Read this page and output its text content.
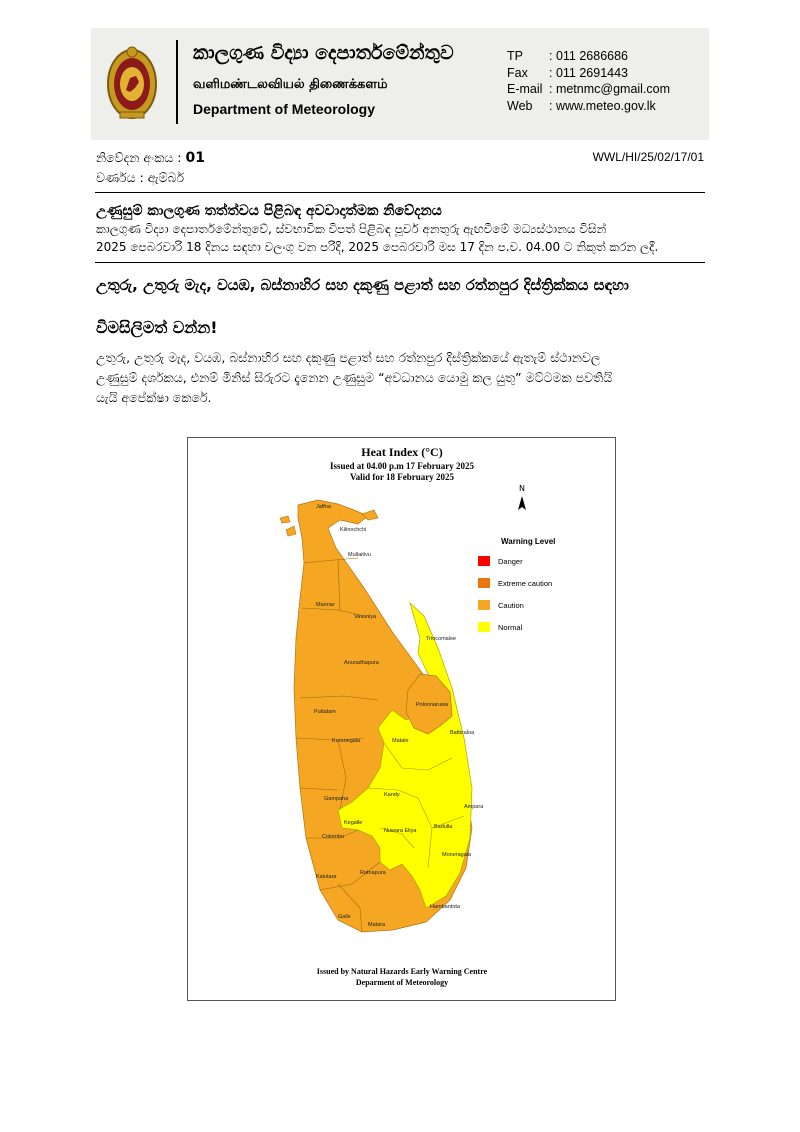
කාලගුණ විද්‍යා දෙපාර්තමේන්තුව
வளிமண்டலவியல் திணைக்களம்
Department of Meteorology
TP : 011 2686686
Fax : 011 2691443
E-mail : metnmc@gmail.com
Web : www.meteo.gov.lk
නිවේදන අංකය : 01
වර්ණය : ඇම්බර්
WWL/HI/25/02/17/01
උණුසුම් කාලගුණ තත්ත්වය පිළිබඳ අවවාදාත්මක නිවේදනය
කාලගුණ විද්‍යා දෙපාර්තමේන්තුවේ, ස්වභාවික විපත් පිළිබඳ පූර්ව අනතුරු ඇඟවීමේ මධ්‍යස්ථානය විසින්
2025 පෙබරවාරි 18 දිනය සඳහා වලංගු වන පරිදි, 2025 පෙබරවාරි මස 17 දින ප.ව. 04.00 ට නිකුත් කරන ලදී.
උතුරු, උතුරු මැද, වයඹ, බස්නාහිර සහ දකුණු පළාත් සහ රත්නපුර දිස්ත්‍රික්කය සඳහා
විමසිලිමත් වන්න!
උතුරු, උතුරු මැද, වයඹ, බස්නාහිර සහ දකුණු පළාත් සහ රත්නපුර දිස්ත්‍රික්කයේ ඇතැම් ස්ථානවල
උණුසුම් දර්ශකය, එනම් මිනිස් සිරුරට දැනෙන උණුසුම “අවධානය යොමු කල යුතු” මට්ටමක පවතියි
යැයි අපේක්ෂා කෙරේ.
Heat Index (°C)
Issued at 04.00 p.m 17 February 2025
Valid for 18 February 2025
N
Jaffna
Kilinochchi
Mullaitivu
Mannar
Vavuniya
Trincomalee
Anuradhapura
Polonnaruwa
Puttalam
Kurunegala	Matale
Batticaloa
Kandy
Gampaha
Kegalle
Ampara
Nuwara Eliya
Badulla
Colombo
Moneragala
Kalutara
Ratnapura
Hambantota
Galle
Matara
Warning Level
Danger
Extreme caution
Caution
Normal
Issued by Natural Hazards Early Warning Centre
Deparment of Meteorology
